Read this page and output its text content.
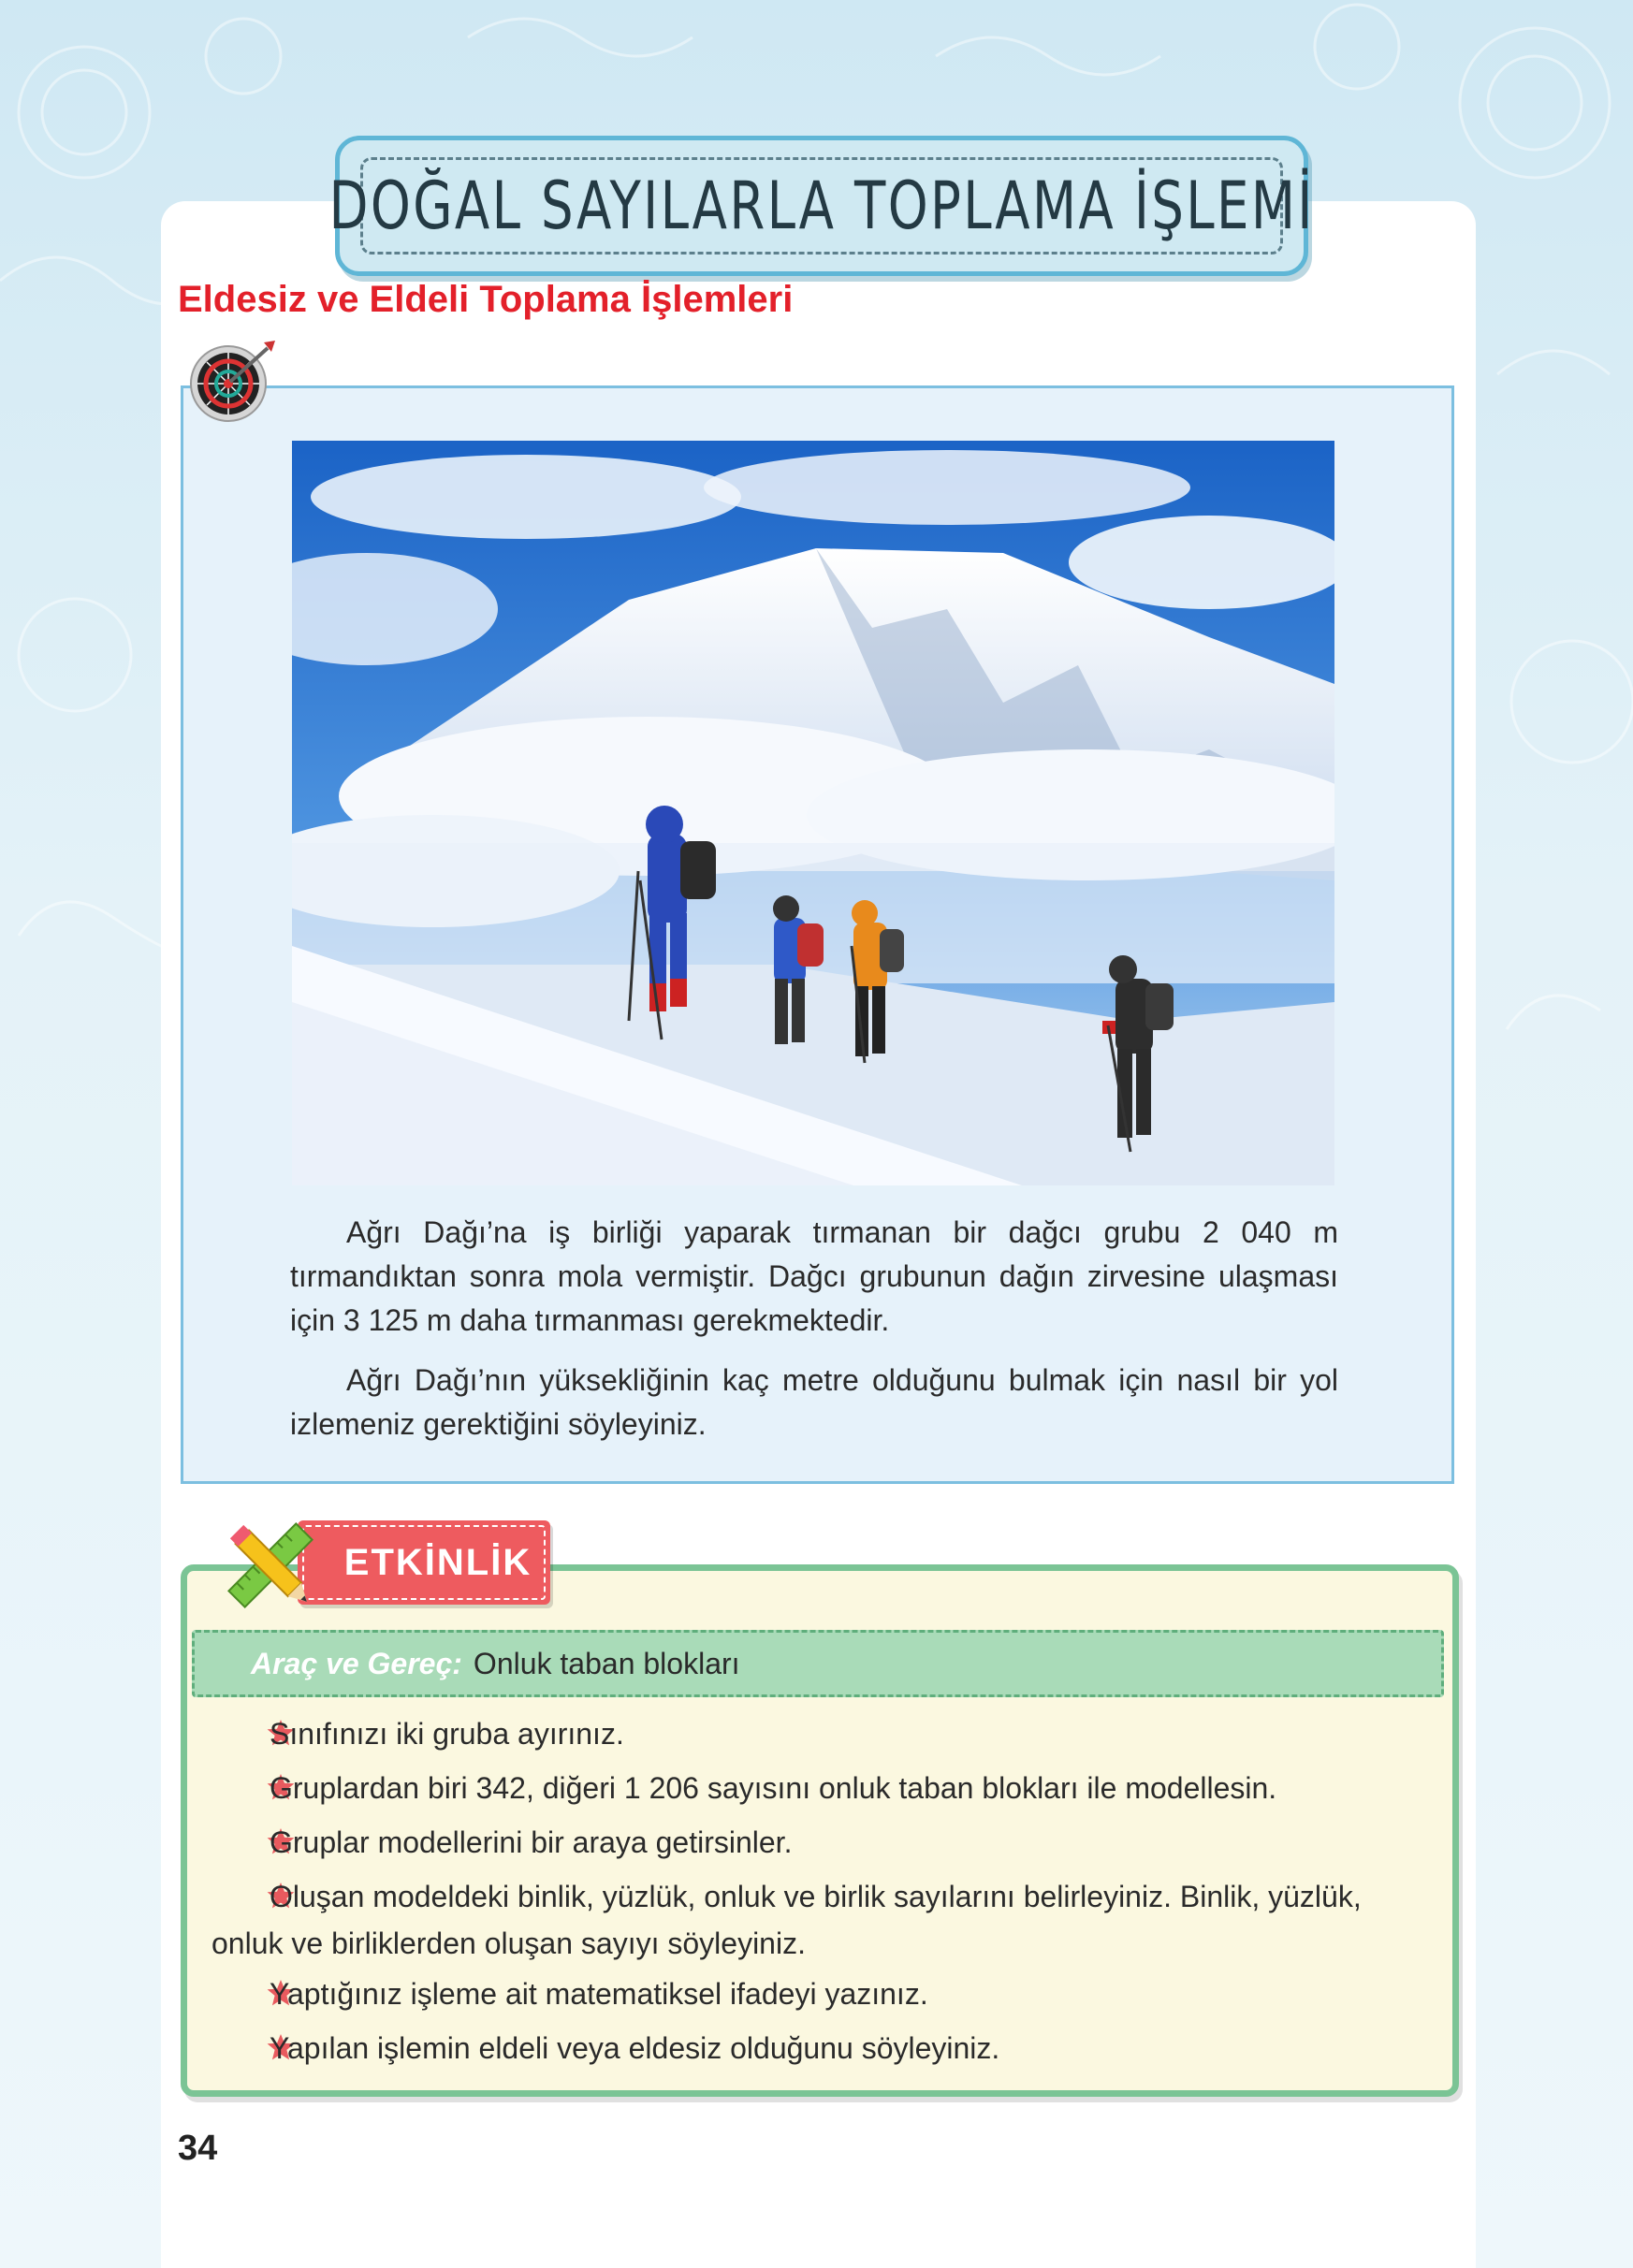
DOĞAL SAYILARLA TOPLAMA İŞLEMİ
Eldesiz ve Eldeli Toplama İşlemleri
Ağrı Dağı’na iş birliği yaparak tırmanan bir dağcı grubu 2 040 m tırmandıktan sonra mola vermiştir. Dağcı grubunun dağın zirvesine ulaşması için 3 125 m daha tırmanması gerekmektedir.
Ağrı Dağı’nın yüksekliğinin kaç metre olduğunu bulmak için nasıl bir yol izlemeniz gerektiğini söyleyiniz.
ETKİNLİK
Araç ve Gereç: Onluk taban blokları
Sınıfınızı iki gruba ayırınız.
Gruplardan biri 342, diğeri 1 206 sayısını onluk taban blokları ile modellesin.
Gruplar modellerini bir araya getirsinler.
Oluşan modeldeki binlik, yüzlük, onluk ve birlik sayılarını belirleyiniz. Binlik, yüzlük, onluk ve birliklerden oluşan sayıyı söyleyiniz.
Yaptığınız işleme ait matematiksel ifadeyi yazınız.
Yapılan işlemin eldeli veya eldesiz olduğunu söyleyiniz.
34
